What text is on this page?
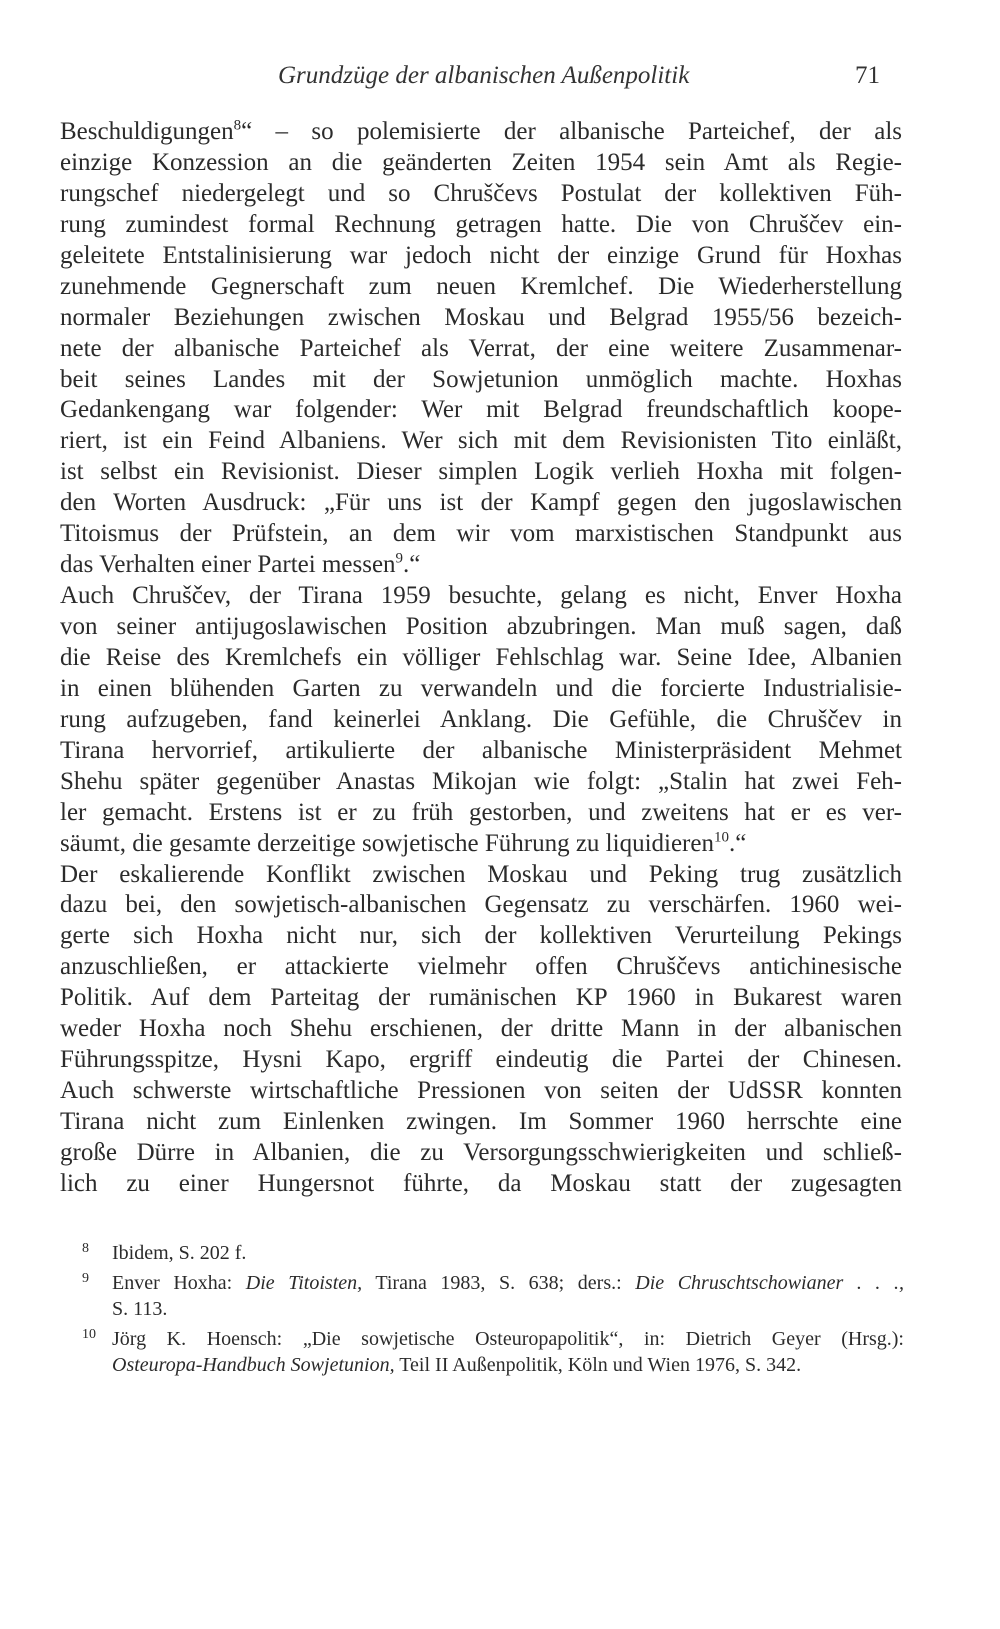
Grundzüge der albanischen Außenpolitik	71
Beschuldigungen$^8$“ – so polemisierte der albanische Parteichef, der als
einzige Konzession an die geänderten Zeiten 1954 sein Amt als Regie-
rungschef niedergelegt und so Chruščevs Postulat der kollektiven Füh-
rung zumindest formal Rechnung getragen hatte. Die von Chruščev ein-
geleitete Entstalinisierung war jedoch nicht der einzige Grund für Hoxhas
zunehmende Gegnerschaft zum neuen Kremlchef. Die Wiederherstellung
normaler Beziehungen zwischen Moskau und Belgrad 1955/56 bezeich-
nete der albanische Parteichef als Verrat, der eine weitere Zusammenar-
beit seines Landes mit der Sowjetunion unmöglich machte. Hoxhas
Gedankengang war folgender: Wer mit Belgrad freundschaftlich koope-
riert, ist ein Feind Albaniens. Wer sich mit dem Revisionisten Tito einläßt,
ist selbst ein Revisionist. Dieser simplen Logik verlieh Hoxha mit folgen-
den Worten Ausdruck: „Für uns ist der Kampf gegen den jugoslawischen
Titoismus der Prüfstein, an dem wir vom marxistischen Standpunkt aus
das Verhalten einer Partei messen$^9$.“
Auch Chruščev, der Tirana 1959 besuchte, gelang es nicht, Enver Hoxha
von seiner antijugoslawischen Position abzubringen. Man muß sagen, daß
die Reise des Kremlchefs ein völliger Fehlschlag war. Seine Idee, Albanien
in einen blühenden Garten zu verwandeln und die forcierte Industrialisie-
rung aufzugeben, fand keinerlei Anklang. Die Gefühle, die Chruščev in
Tirana hervorrief, artikulierte der albanische Ministerpräsident Mehmet
Shehu später gegenüber Anastas Mikojan wie folgt: „Stalin hat zwei Feh-
ler gemacht. Erstens ist er zu früh gestorben, und zweitens hat er es ver-
säumt, die gesamte derzeitige sowjetische Führung zu liquidieren$^{10}$.“
Der eskalierende Konflikt zwischen Moskau und Peking trug zusätzlich
dazu bei, den sowjetisch-albanischen Gegensatz zu verschärfen. 1960 wei-
gerte sich Hoxha nicht nur, sich der kollektiven Verurteilung Pekings
anzuschließen, er attackierte vielmehr offen Chruščevs antichinesische
Politik. Auf dem Parteitag der rumänischen KP 1960 in Bukarest waren
weder Hoxha noch Shehu erschienen, der dritte Mann in der albanischen
Führungsspitze, Hysni Kapo, ergriff eindeutig die Partei der Chinesen.
Auch schwerste wirtschaftliche Pressionen von seiten der UdSSR konnten
Tirana nicht zum Einlenken zwingen. Im Sommer 1960 herrschte eine
große Dürre in Albanien, die zu Versorgungsschwierigkeiten und schließ-
lich zu einer Hungersnot führte, da Moskau statt der zugesagten
8 Ibidem, S. 202 f.
9 Enver Hoxha: Die Titoisten, Tirana 1983, S. 638; ders.: Die Chruschtschowianer . . .,
S. 113.
10 Jörg K. Hoensch: „Die sowjetische Osteuropapolitik“, in: Dietrich Geyer (Hrsg.):
Osteuropa-Handbuch Sowjetunion, Teil II Außenpolitik, Köln und Wien 1976, S. 342.
